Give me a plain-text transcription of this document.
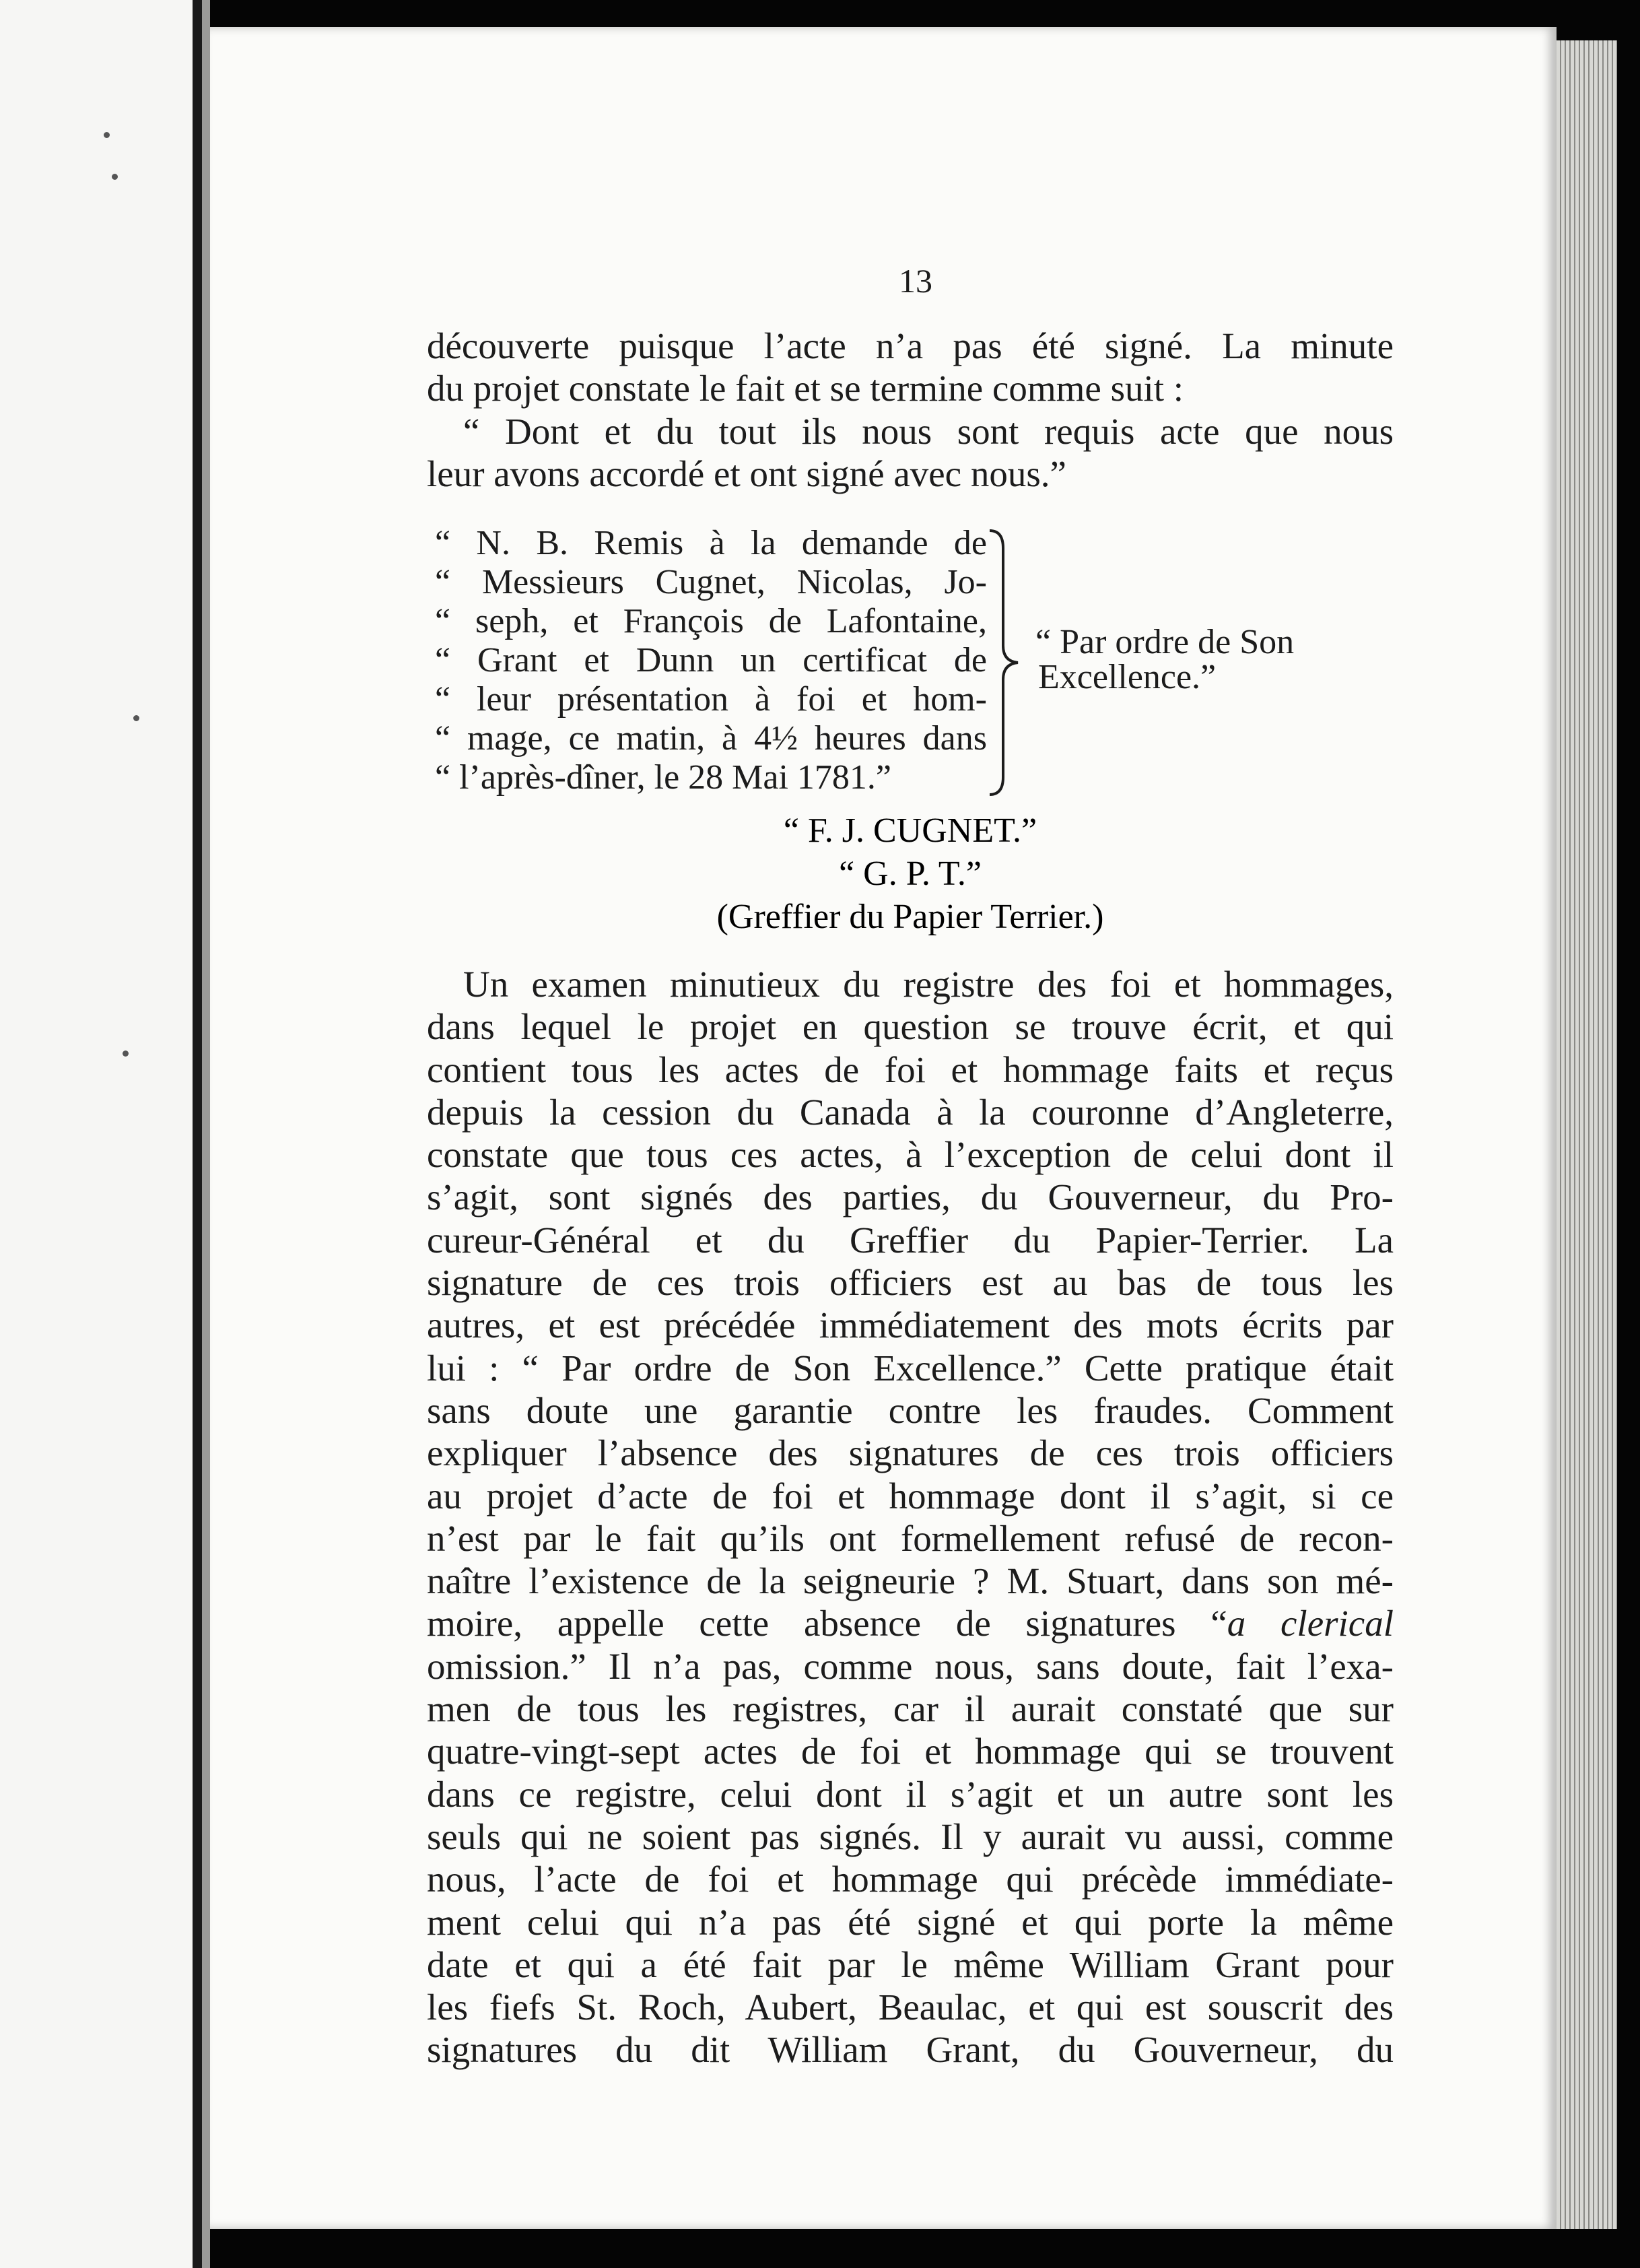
13

découverte puisque l’acte n’a pas été signé. La minute

du projet constate le fait et se termine comme suit :

“ Dont et du tout ils nous sont requis acte que nous

leur avons accordé et ont signé avec nous.”

“ N. B. Remis à la demande de

“ Messieurs Cugnet, Nicolas, Jo-

“ seph, et François de Lafontaine,

“ Grant et Dunn un certificat de

“ leur présentation à foi et hom-

“ mage, ce matin, à 4½ heures dans

“ l’après-dîner, le 28 Mai 1781.”

“ Par ordre de Son

Excellence.”

“ F. J. CUGNET.”
“ G. P. T.”
(Greffier du Papier Terrier.)

Un examen minutieux du registre des foi et hommages,

dans lequel le projet en question se trouve écrit, et qui

contient tous les actes de foi et hommage faits et reçus

depuis la cession du Canada à la couronne d’Angleterre,

constate que tous ces actes, à l’exception de celui dont il

s’agit, sont signés des parties, du Gouverneur, du Pro-

cureur-Général et du Greffier du Papier-Terrier. La

signature de ces trois officiers est au bas de tous les

autres, et est précédée immédiatement des mots écrits par

lui : “ Par ordre de Son Excellence.” Cette pratique était

sans doute une garantie contre les fraudes. Comment

expliquer l’absence des signatures de ces trois officiers

au projet d’acte de foi et hommage dont il s’agit, si ce

n’est par le fait qu’ils ont formellement refusé de recon-

naître l’existence de la seigneurie ? M. Stuart, dans son mé-

moire, appelle cette absence de signatures “a clerical

omission.” Il n’a pas, comme nous, sans doute, fait l’exa-

men de tous les registres, car il aurait constaté que sur

quatre-vingt-sept actes de foi et hommage qui se trouvent

dans ce registre, celui dont il s’agit et un autre sont les

seuls qui ne soient pas signés. Il y aurait vu aussi, comme

nous, l’acte de foi et hommage qui précède immédiate-

ment celui qui n’a pas été signé et qui porte la même

date et qui a été fait par le même William Grant pour

les fiefs St. Roch, Aubert, Beaulac, et qui est souscrit des

signatures du dit William Grant, du Gouverneur, du
